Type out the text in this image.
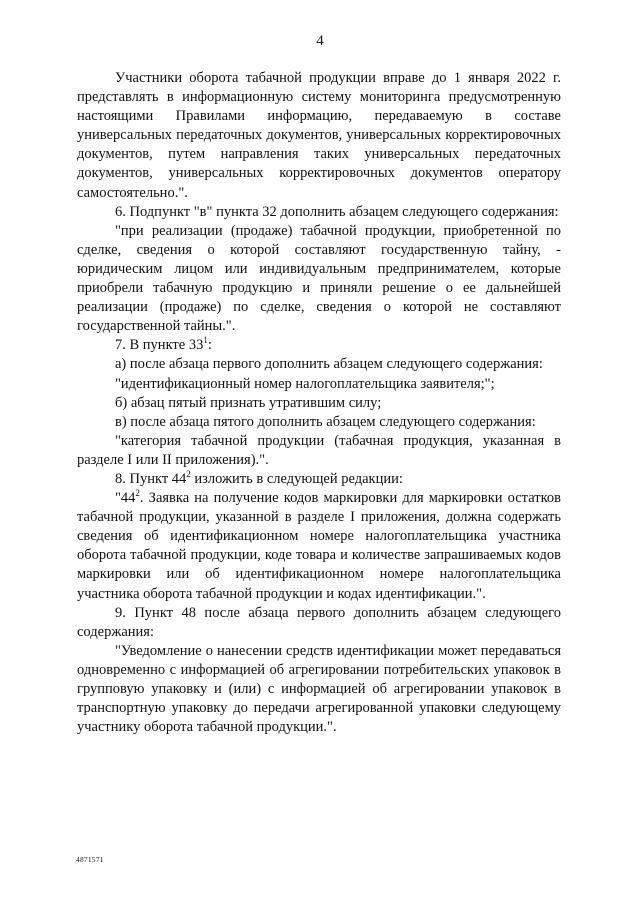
4

Участники оборота табачной продукции вправе до 1 января 2022 г. представлять в информационную систему мониторинга предусмотренную настоящими Правилами информацию, передаваемую в составе универсальных передаточных документов, универсальных корректировочных документов, путем направления таких универсальных передаточных документов, универсальных корректировочных документов оператору самостоятельно.".

6. Подпункт "в" пункта 32 дополнить абзацем следующего содержания:

"при реализации (продаже) табачной продукции, приобретенной по сделке, сведения о которой составляют государственную тайну, - юридическим лицом или индивидуальным предпринимателем, которые приобрели табачную продукцию и приняли решение о ее дальнейшей реализации (продаже) по сделке, сведения о которой не составляют государственной тайны.".

7. В пункте $33^1$:

а) после абзаца первого дополнить абзацем следующего содержания:

"идентификационный номер налогоплательщика заявителя;";

б) абзац пятый признать утратившим силу;

в) после абзаца пятого дополнить абзацем следующего содержания:

"категория табачной продукции (табачная продукция, указанная в разделе I или II приложения).".

8. Пункт $44^2$ изложить в следующей редакции:

"$44^2$. Заявка на получение кодов маркировки для маркировки остатков табачной продукции, указанной в разделе I приложения, должна содержать сведения об идентификационном номере налогоплательщика участника оборота табачной продукции, коде товара и количестве запрашиваемых кодов маркировки или об идентификационном номере налогоплательщика участника оборота табачной продукции и кодах идентификации.".

9. Пункт 48 после абзаца первого дополнить абзацем следующего содержания:

"Уведомление о нанесении средств идентификации может передаваться одновременно с информацией об агрегировании потребительских упаковок в групповую упаковку и (или) с информацией об агрегировании упаковок в транспортную упаковку до передачи агрегированной упаковки следующему участнику оборота табачной продукции.".

4871571
